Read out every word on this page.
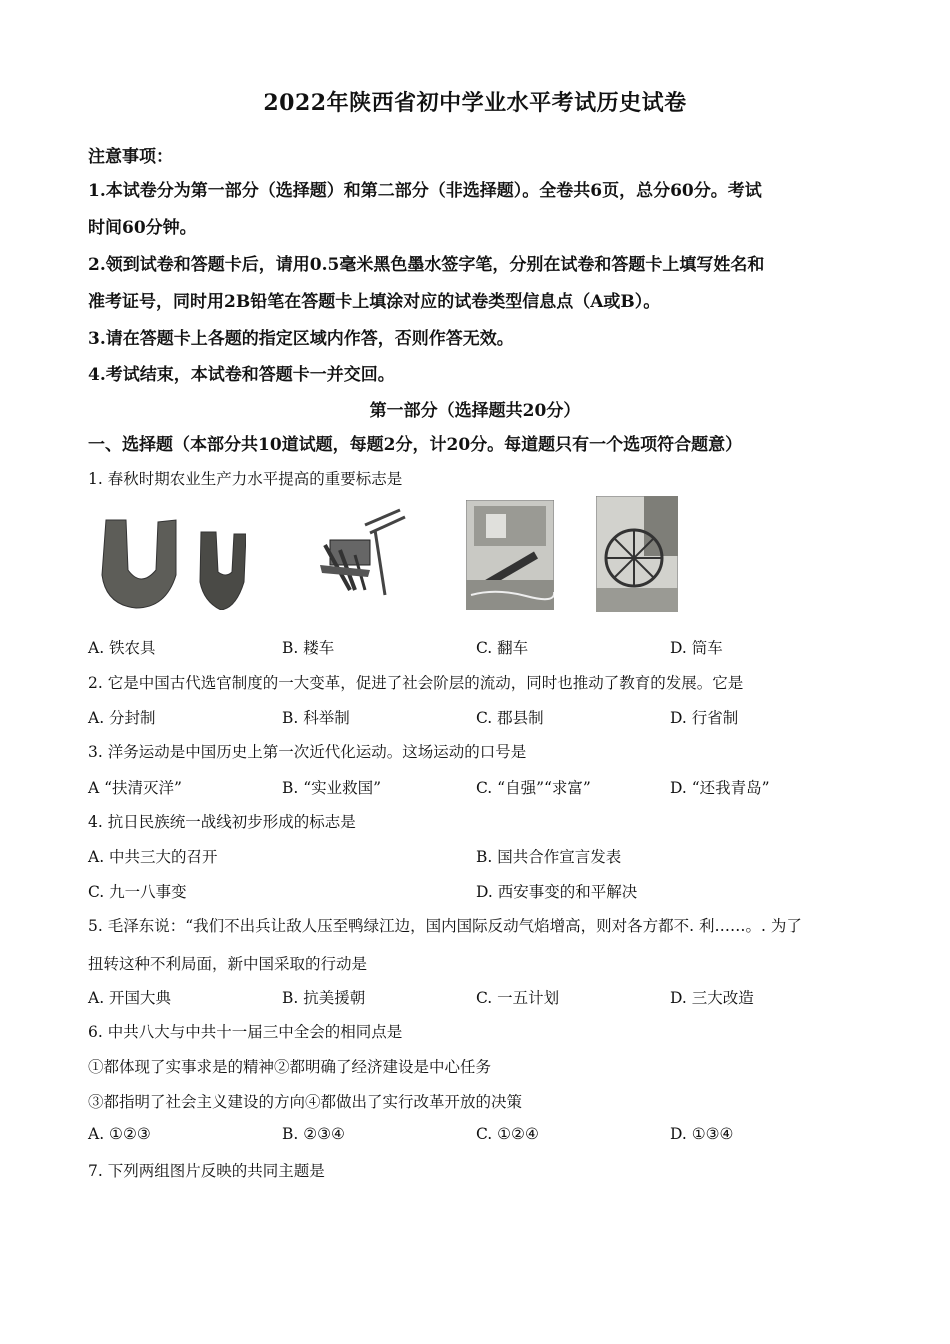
2022年陕西省初中学业水平考试历史试卷
注意事项：
1.本试卷分为第一部分（选择题）和第二部分（非选择题）。全卷共6页，总分60分。考试
时间60分钟。
2.领到试卷和答题卡后，请用0.5毫米黑色墨水签字笔，分别在试卷和答题卡上填写姓名和
准考证号，同时用2B铅笔在答题卡上填涂对应的试卷类型信息点（A或B）。
3.请在答题卡上各题的指定区域内作答，否则作答无效。
4.考试结束，本试卷和答题卡一并交回。
第一部分（选择题共20分）
一、选择题（本部分共10道试题，每题2分，计20分。每道题只有一个选项符合题意）
1. 春秋时期农业生产力水平提高的重要标志是
A. 铁农具	B. 耧车	C. 翻车	D. 筒车
2. 它是中国古代选官制度的一大变革，促进了社会阶层的流动，同时也推动了教育的发展。它是
A. 分封制	B. 科举制	C. 郡县制	D. 行省制
3. 洋务运动是中国历史上第一次近代化运动。这场运动的口号是
A “扶清灭洋”	B. “实业救国”	C. “自强”“求富”	D. “还我青岛”
4. 抗日民族统一战线初步形成的标志是
A. 中共三大的召开	B. 国共合作宣言发表
C. 九一八事变	D. 西安事变的和平解决
5. 毛泽东说：“我们不出兵让敌人压至鸭绿江边，国内国际反动气焰增高，则对各方都不. 利……。. 为了
扭转这种不利局面，新中国采取的行动是
A. 开国大典	B. 抗美援朝	C. 一五计划	D. 三大改造
6. 中共八大与中共十一届三中全会的相同点是
①都体现了实事求是的精神②都明确了经济建设是中心任务
③都指明了社会主义建设的方向④都做出了实行改革开放的决策
A. ①②③	B. ②③④	C. ①②④	D. ①③④
7. 下列两组图片反映的共同主题是
